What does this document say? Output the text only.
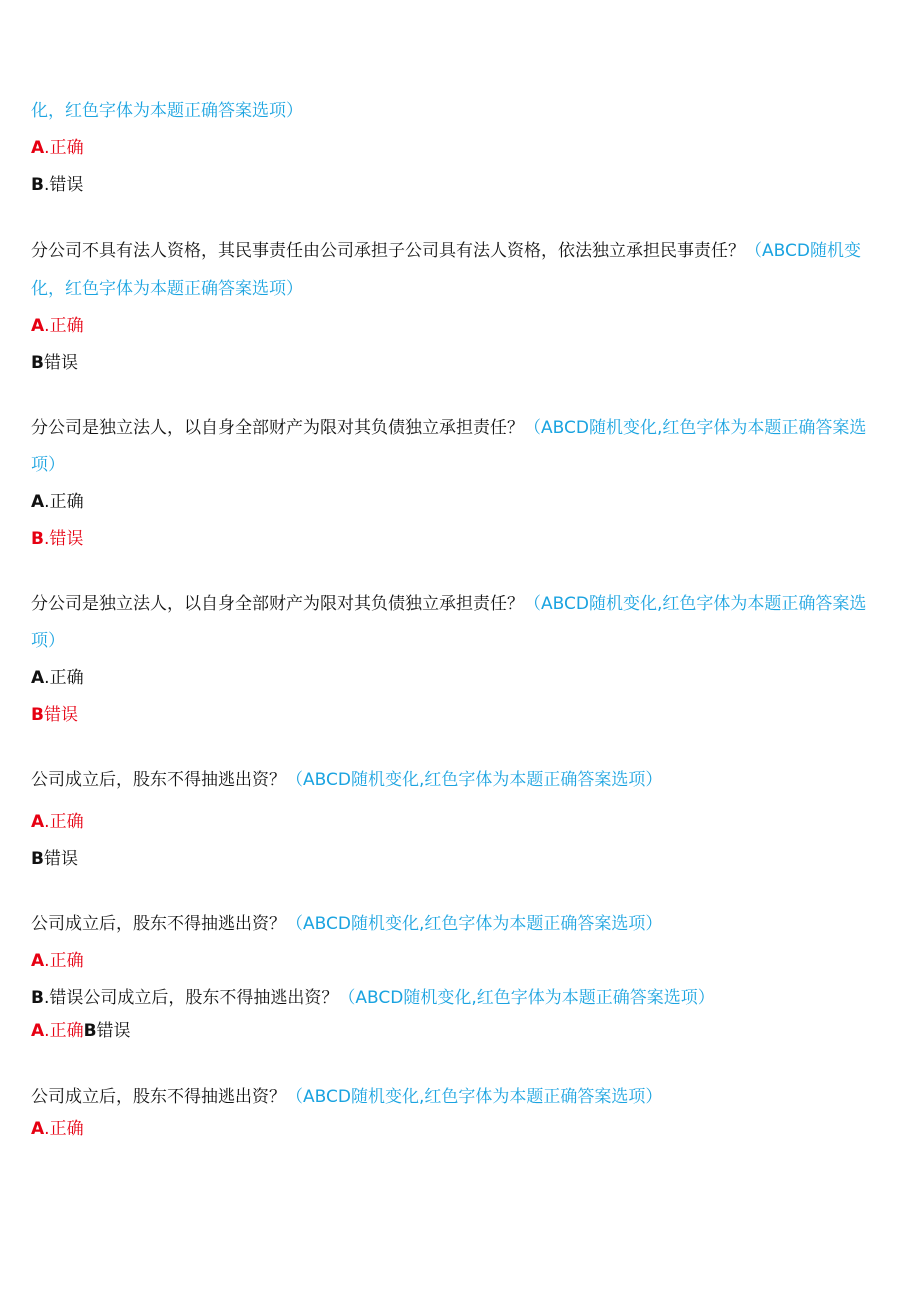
化，红色字体为本题正确答案选项）
A.正确
B.错误
分公司不具有法人资格，其民事责任由公司承担子公司具有法人资格，依法独立承担民事责任？（ABCD随机变
化，红色字体为本题正确答案选项）
A.正确
B错误
分公司是独立法人，以自身全部财产为限对其负债独立承担责任？（ABCD随机变化,红色字体为本题正确答案选
项）
A.正确
B.错误
分公司是独立法人，以自身全部财产为限对其负债独立承担责任？（ABCD随机变化,红色字体为本题正确答案选
项）
A.正确
B错误
公司成立后，股东不得抽逃出资？（ABCD随机变化,红色字体为本题正确答案选项）
A.正确
B错误
公司成立后，股东不得抽逃出资？（ABCD随机变化,红色字体为本题正确答案选项）
A.正确
B.错误公司成立后，股东不得抽逃出资？（ABCD随机变化,红色字体为本题正确答案选项）
A.正确B错误
公司成立后，股东不得抽逃出资？（ABCD随机变化,红色字体为本题正确答案选项）
A.正确
